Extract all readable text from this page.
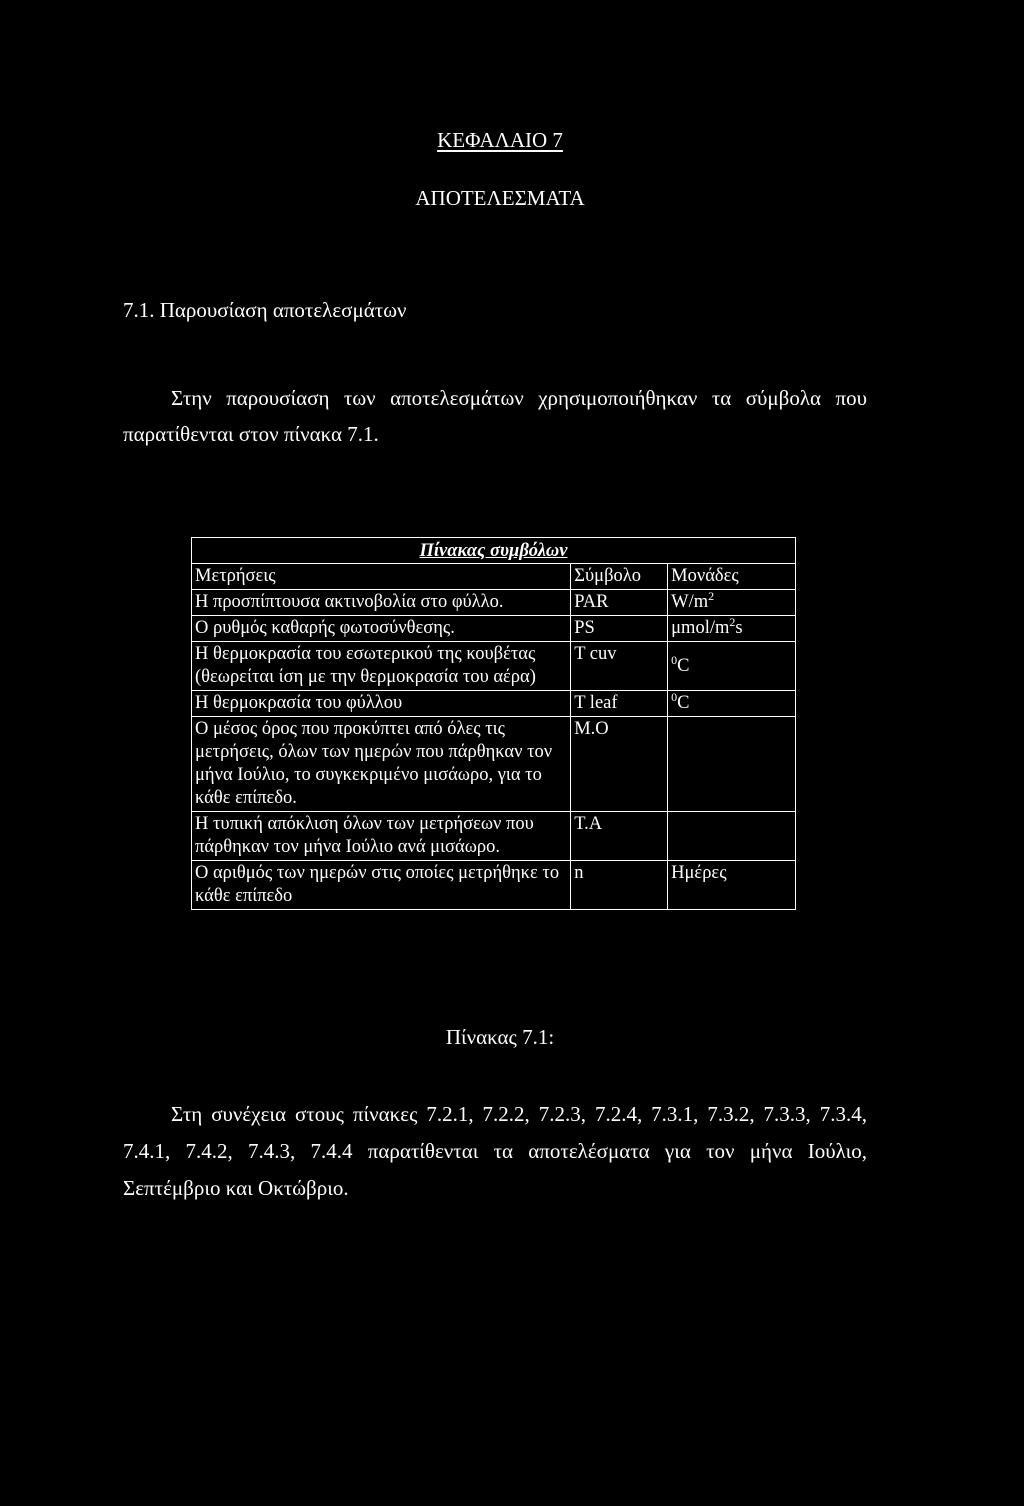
ΚΕΦΑΛΑΙΟ 7
ΑΠΟΤΕΛΕΣΜΑΤΑ
7.1. Παρουσίαση αποτελεσμάτων
Στην παρουσίαση των αποτελεσμάτων χρησιμοποιήθηκαν τα σύμβολα που παρατίθενται στον πίνακα 7.1.
Πίνακας συμβόλων		
Μετρήσεις	Σύμβολο	Μονάδες
Η προσπίπτουσα ακτινοβολία στο φύλλο.	PAR	$W/m^2$
Ο ρυθμός καθαρής φωτοσύνθεσης.	PS	μmol/$m^2s$
Η θερμοκρασία του εσωτερικού της κουβέτας (θεωρείται ίση με την θερμοκρασία του αέρα)	T cuv	$^0$C
Η θερμοκρασία του φύλλου	T leaf	$^0$C
Ο μέσος όρος που προκύπτει από όλες τις μετρήσεις, όλων των ημερών που πάρθηκαν τον μήνα Ιούλιο, το συγκεκριμένο μισάωρο, για το κάθε επίπεδο.	Μ.Ο	
Η τυπική απόκλιση όλων των μετρήσεων που πάρθηκαν τον μήνα Ιούλιο ανά μισάωρο.	Τ.Α	
Ο αριθμός των ημερών στις οποίες μετρήθηκε το κάθε επίπεδο	n	Ημέρες
Πίνακας 7.1:
Στη συνέχεια στους πίνακες 7.2.1, 7.2.2, 7.2.3, 7.2.4, 7.3.1, 7.3.2, 7.3.3, 7.3.4, 7.4.1, 7.4.2, 7.4.3, 7.4.4 παρατίθενται τα αποτελέσματα για τον μήνα Ιούλιο, Σεπτέμβριο και Οκτώβριο.
